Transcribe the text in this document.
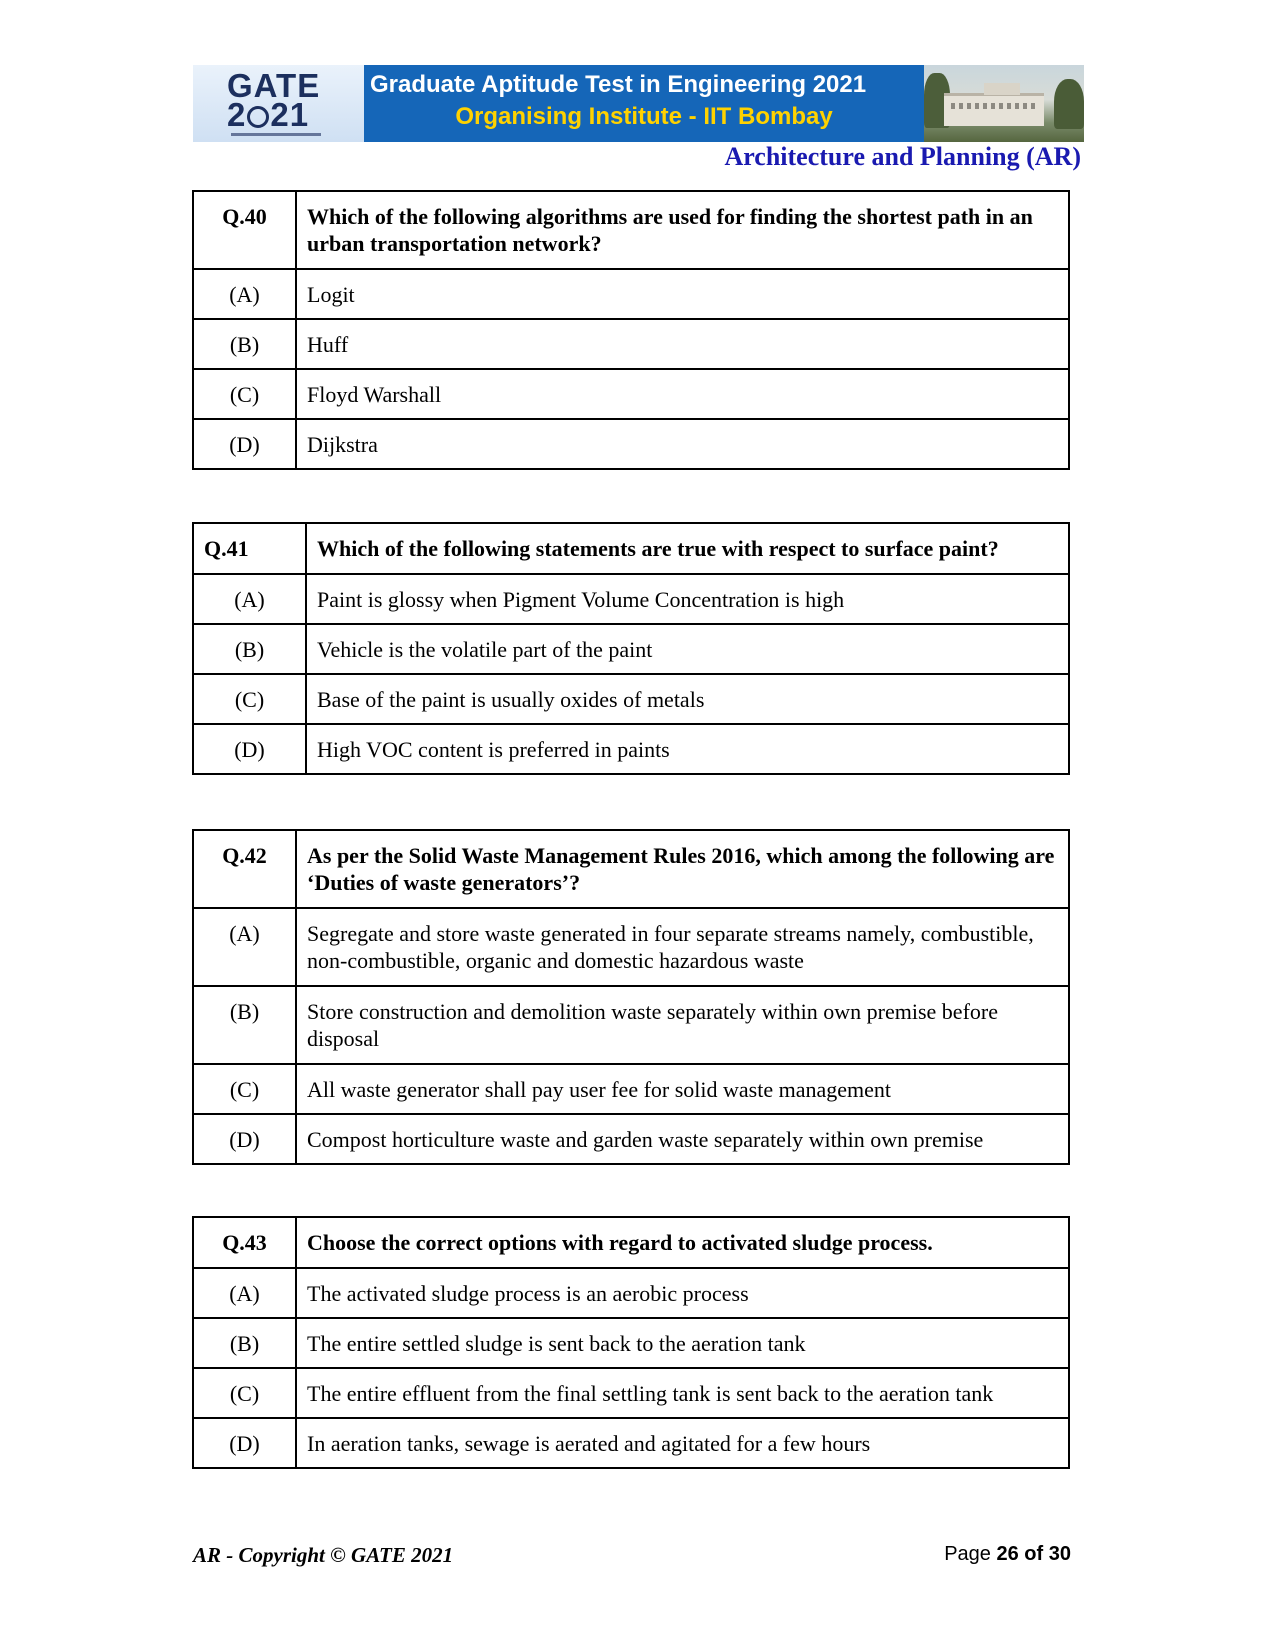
GATE
2 21
Graduate Aptitude Test in Engineering 2021
Organising Institute - IIT Bombay
Architecture and Planning (AR)
Q.40	Which of the following algorithms are used for finding the shortest path in an urban transportation network?
(A)	Logit
(B)	Huff
(C)	Floyd Warshall
(D)	Dijkstra
Q.41	Which of the following statements are true with respect to surface paint?
(A)	Paint is glossy when Pigment Volume Concentration is high
(B)	Vehicle is the volatile part of the paint
(C)	Base of the paint is usually oxides of metals
(D)	High VOC content is preferred in paints
Q.42	As per the Solid Waste Management Rules 2016, which among the following are ‘Duties of waste generators’?
(A)	Segregate and store waste generated in four separate streams namely, combustible, non-combustible, organic and domestic hazardous waste
(B)	Store construction and demolition waste separately within own premise before disposal
(C)	All waste generator shall pay user fee for solid waste management
(D)	Compost horticulture waste and garden waste separately within own premise
Q.43	Choose the correct options with regard to activated sludge process.
(A)	The activated sludge process is an aerobic process
(B)	The entire settled sludge is sent back to the aeration tank
(C)	The entire effluent from the final settling tank is sent back to the aeration tank
(D)	In aeration tanks, sewage is aerated and agitated for a few hours
AR - Copyright © GATE 2021	Page 26 of 30
